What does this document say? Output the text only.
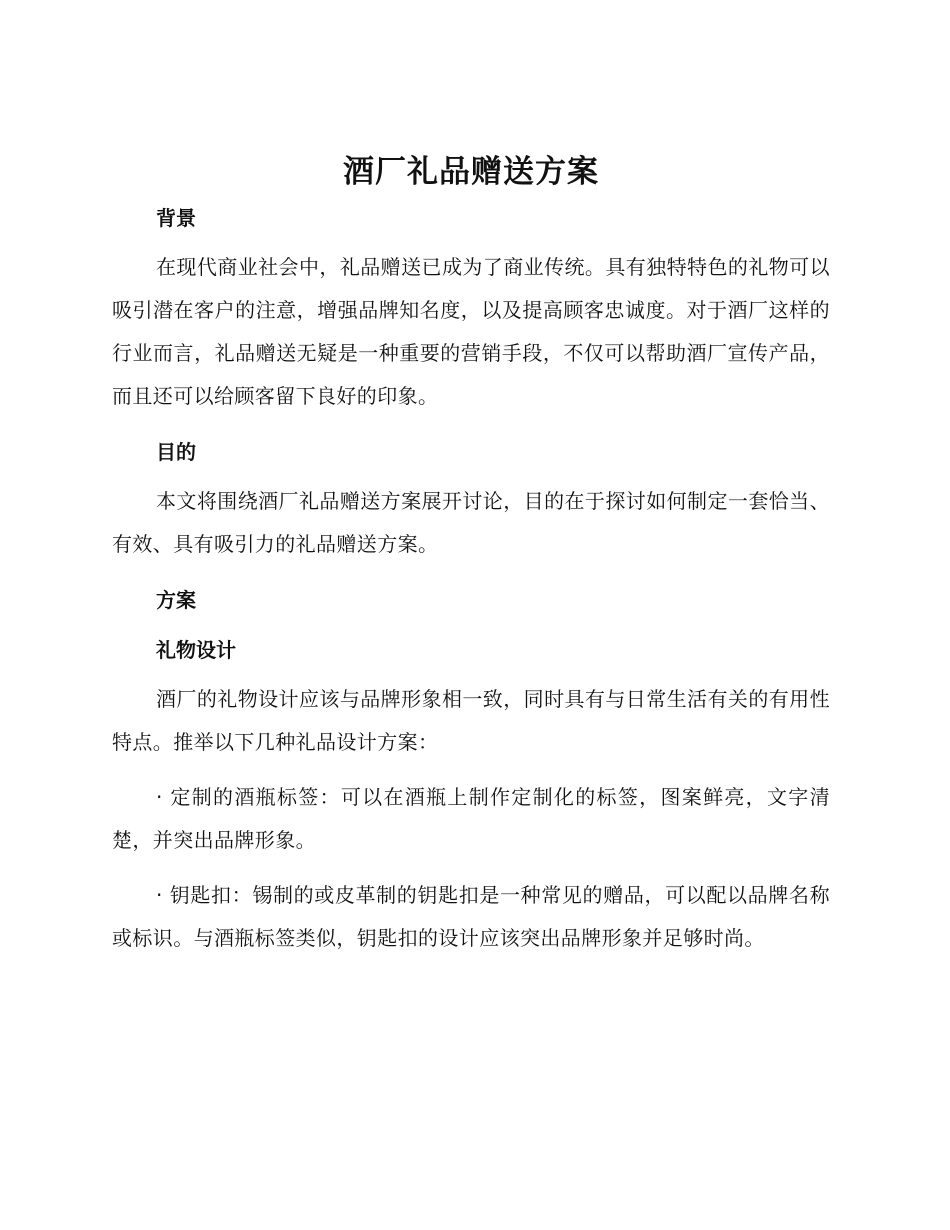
酒厂礼品赠送方案

背景

在现代商业社会中，礼品赠送已成为了商业传统。具有独特特色的礼物可以吸引潜在客户的注意，增强品牌知名度，以及提高顾客忠诚度。对于酒厂这样的行业而言，礼品赠送无疑是一种重要的营销手段，不仅可以帮助酒厂宣传产品，而且还可以给顾客留下良好的印象。

目的

本文将围绕酒厂礼品赠送方案展开讨论，目的在于探讨如何制定一套恰当、有效、具有吸引力的礼品赠送方案。

方案

礼物设计

酒厂的礼物设计应该与品牌形象相一致，同时具有与日常生活有关的有用性特点。推举以下几种礼品设计方案：

· 定制的酒瓶标签：可以在酒瓶上制作定制化的标签，图案鲜亮，文字清楚，并突出品牌形象。

· 钥匙扣：锡制的或皮革制的钥匙扣是一种常见的赠品，可以配以品牌名称或标识。与酒瓶标签类似，钥匙扣的设计应该突出品牌形象并足够时尚。
